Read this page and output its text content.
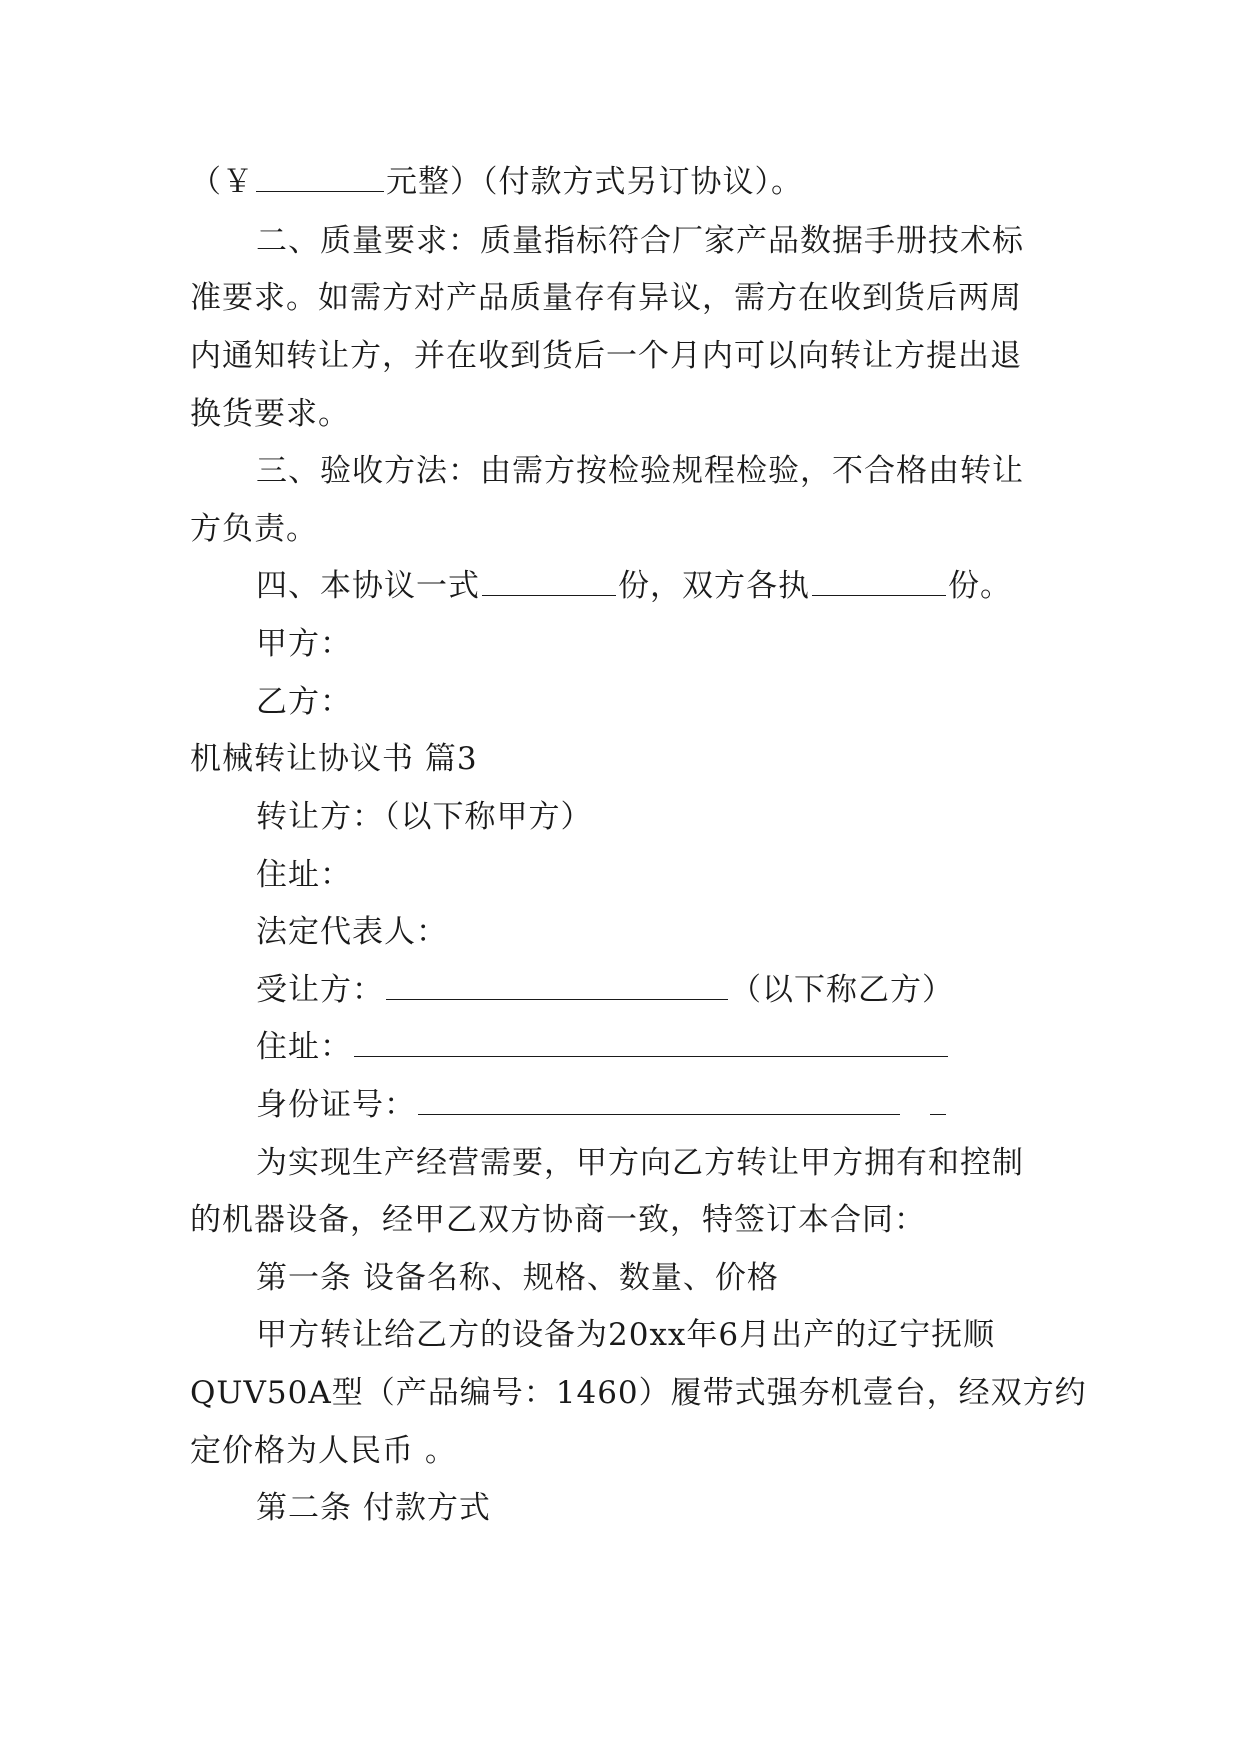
（￥	元整）（付款方式另订协议）。
二、质量要求：质量指标符合厂家产品数据手册技术标
准要求。如需方对产品质量存有异议，需方在收到货后两周
内通知转让方，并在收到货后一个月内可以向转让方提出退
换货要求。
三、验收方法：由需方按检验规程检验，不合格由转让
方负责。
四、本协议一式	份，双方各执	份。
甲方：
乙方：
机械转让协议书 篇3
转让方：（以下称甲方）
住址：
法定代表人：
受让方：	（以下称乙方）
住址：
身份证号：
为实现生产经营需要，甲方向乙方转让甲方拥有和控制
的机器设备，经甲乙双方协商一致，特签订本合同：
第一条 设备名称、规格、数量、价格
甲方转让给乙方的设备为20xx年6月出产的辽宁抚顺
QUV50A型（产品编号：1460）履带式强夯机壹台，经双方约
定价格为人民币 。
第二条 付款方式
